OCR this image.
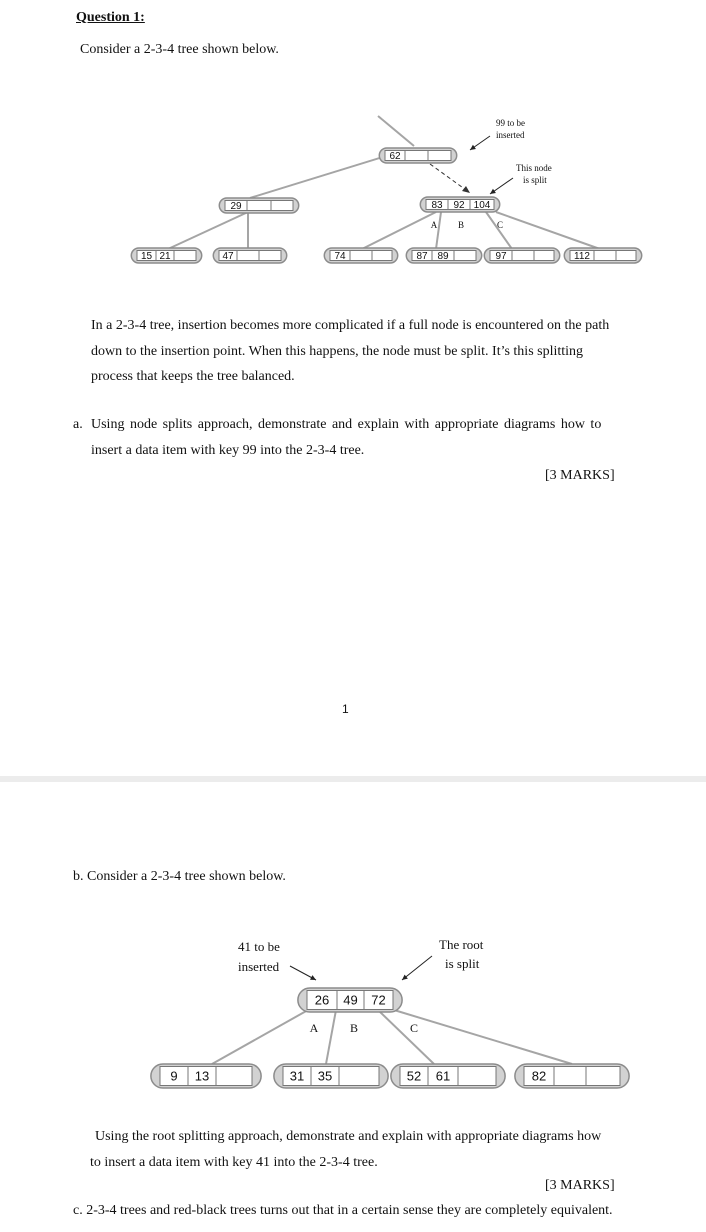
Question 1:
Consider a 2-3-4 tree shown below.
62
29	83 92 104
15 21	47	74	87 89	97	112
A B	C
99 to be
inserted
This node
is split
In a 2-3-4 tree, insertion becomes more complicated if a full node is encountered on the path
down to the insertion point. When this happens, the node must be split. It’s this splitting
process that keeps the tree balanced.
a. Using node splits approach, demonstrate and explain with appropriate diagrams how to
insert a data item with key 99 into the 2-3-4 tree.
[3 MARKS]
1
b. Consider a 2-3-4 tree shown below.
26 49 72
9 13	31 35	52 61	82
A	B	C
41 to be
inserted
The root
is split
Using the root splitting approach, demonstrate and explain with appropriate diagrams how
to insert a data item with key 41 into the 2-3-4 tree.
[3 MARKS]
c. 2-3-4 trees and red-black trees turns out that in a certain sense they are completely equivalent.
